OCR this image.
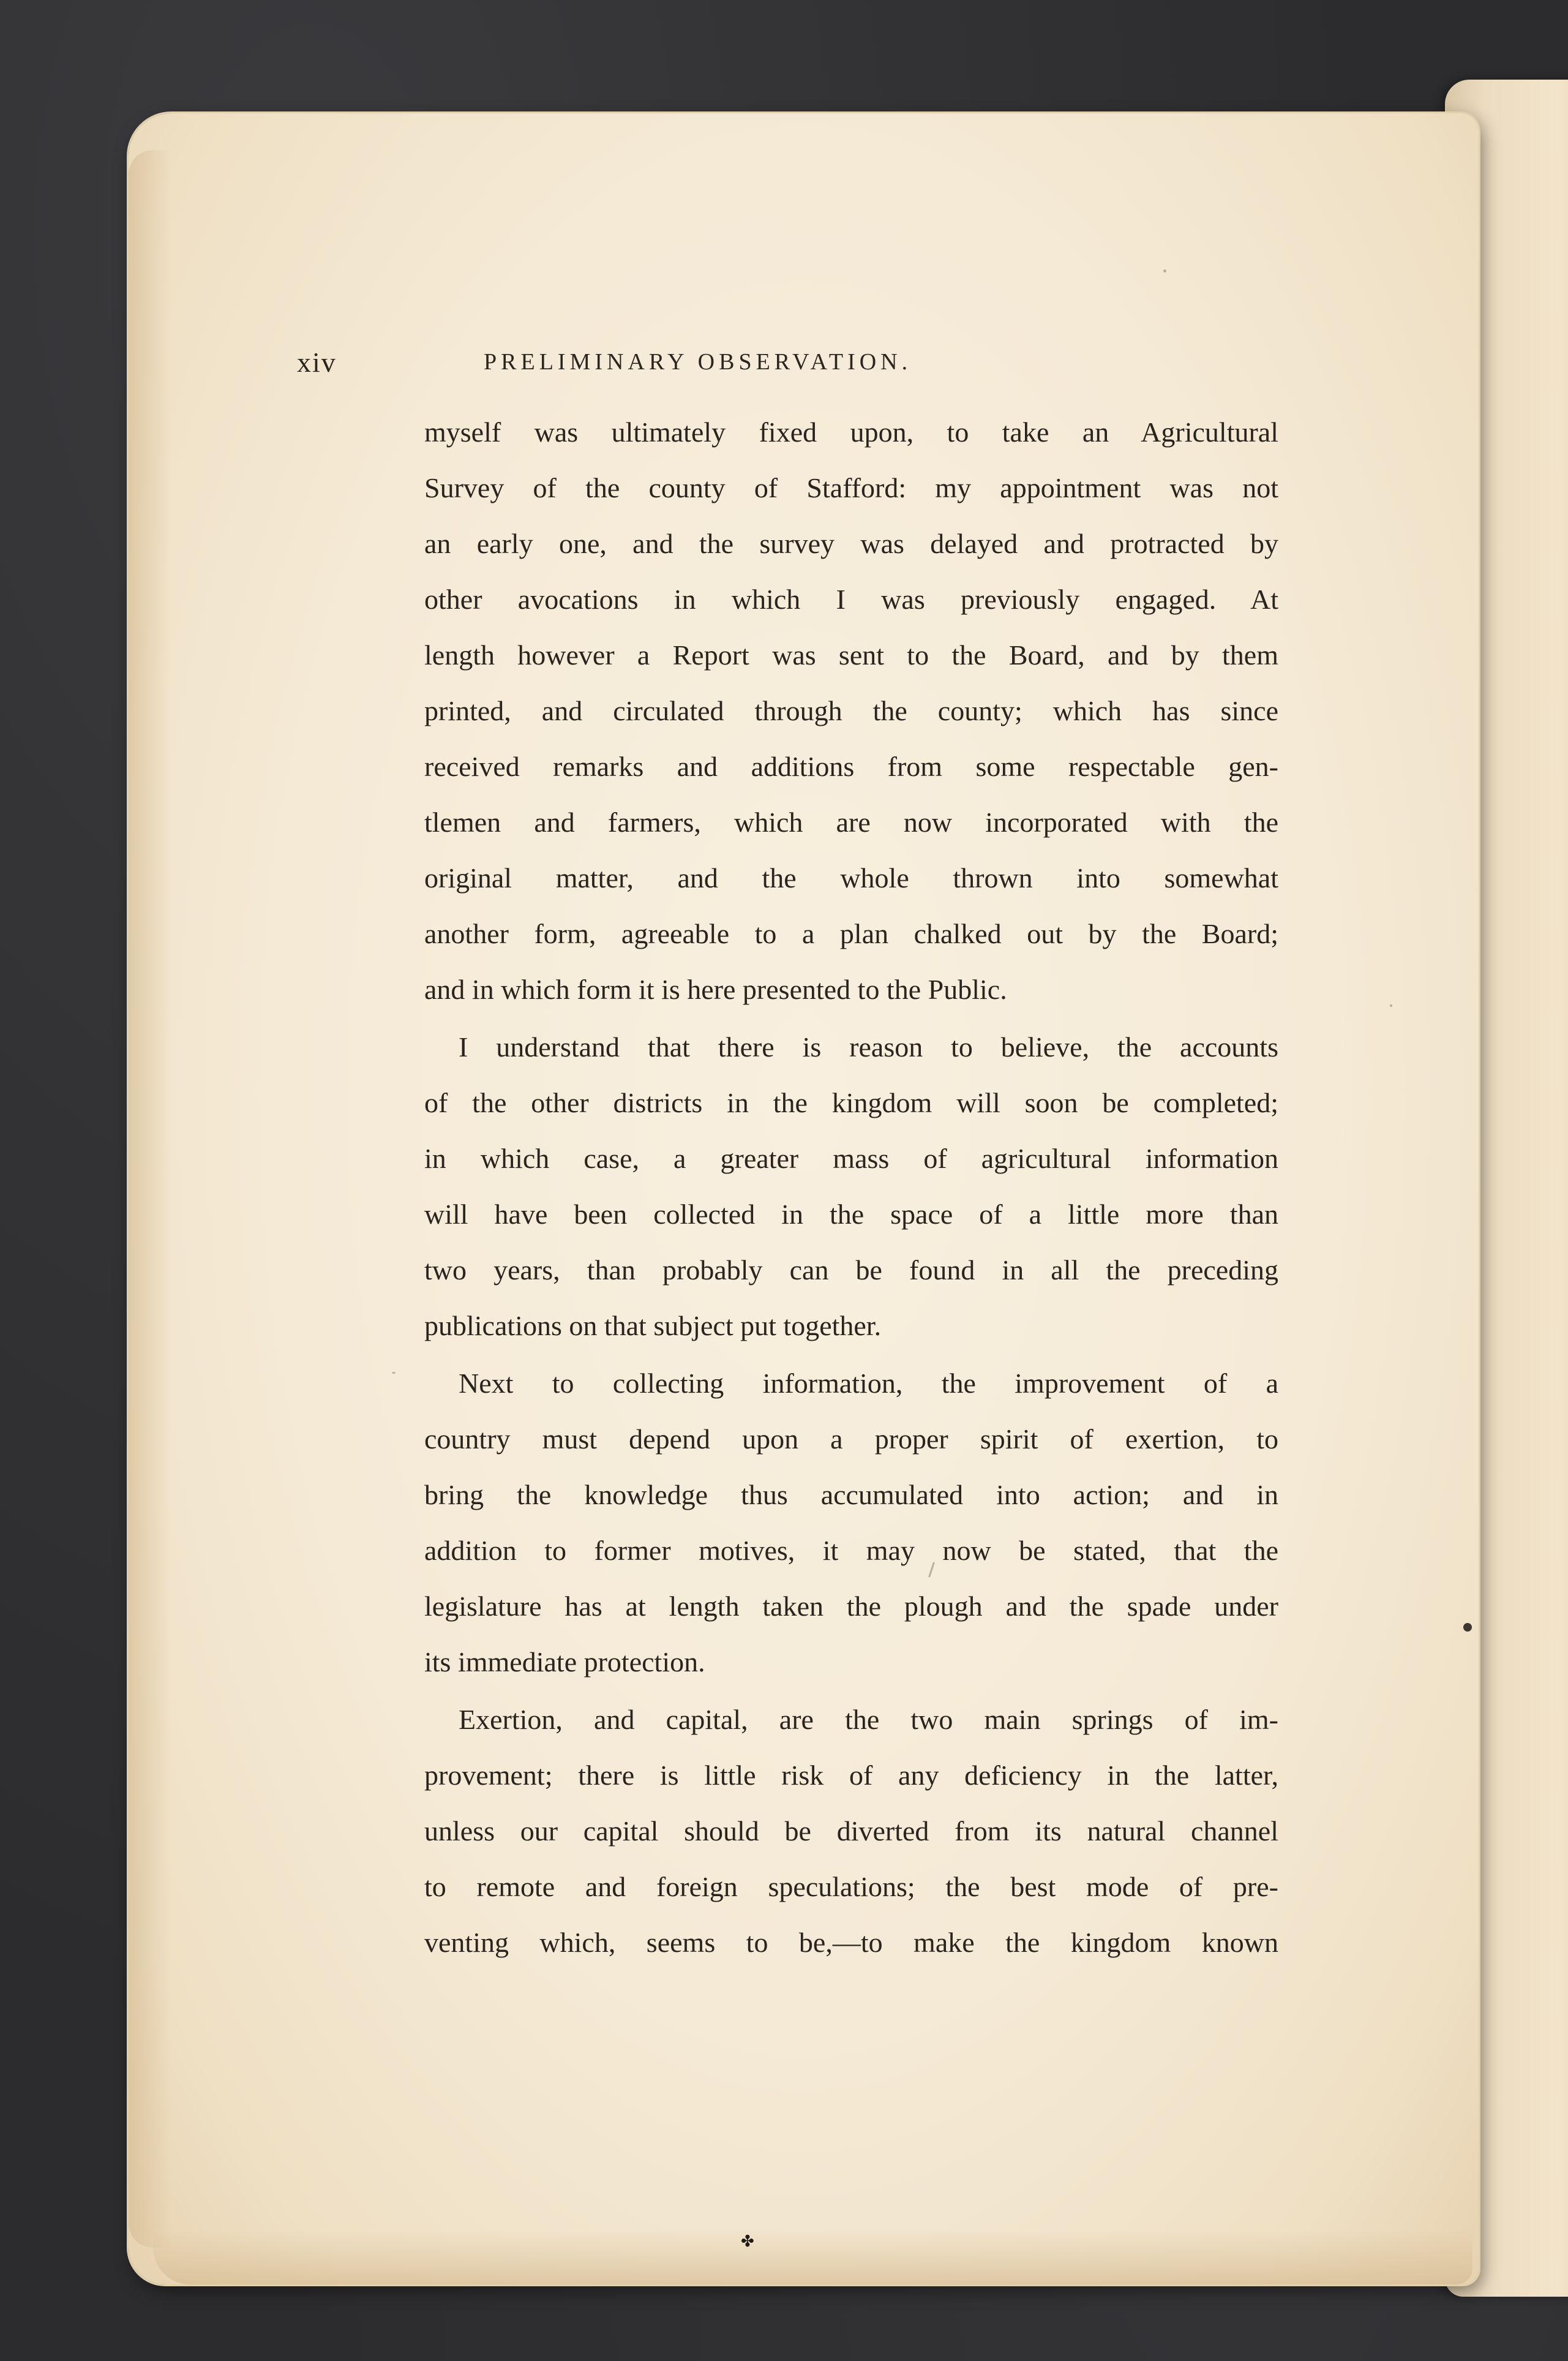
xiv	PRELIMINARY OBSERVATION.
myself was ultimately fixed upon, to take an Agricultural
Survey of the county of Stafford: my appointment was not
an early one, and the survey was delayed and protracted by
other avocations in which I was previously engaged. At
length however a Report was sent to the Board, and by them
printed, and circulated through the county; which has since
received remarks and additions from some respectable gen-
tlemen and farmers, which are now incorporated with the
original matter, and the whole thrown into somewhat
another form, agreeable to a plan chalked out by the Board;
and in which form it is here presented to the Public.
I understand that there is reason to believe, the accounts
of the other districts in the kingdom will soon be completed;
in which case, a greater mass of agricultural information
will have been collected in the space of a little more than
two years, than probably can be found in all the preceding
publications on that subject put together.
Next to collecting information, the improvement of a
country must depend upon a proper spirit of exertion, to
bring the knowledge thus accumulated into action; and in
addition to former motives, it may now be stated, that the
legislature has at length taken the plough and the spade under
its immediate protection.
Exertion, and capital, are the two main springs of im-
provement; there is little risk of any deficiency in the latter,
unless our capital should be diverted from its natural channel
to remote and foreign speculations; the best mode of pre-
venting which, seems to be,—to make the kingdom known
